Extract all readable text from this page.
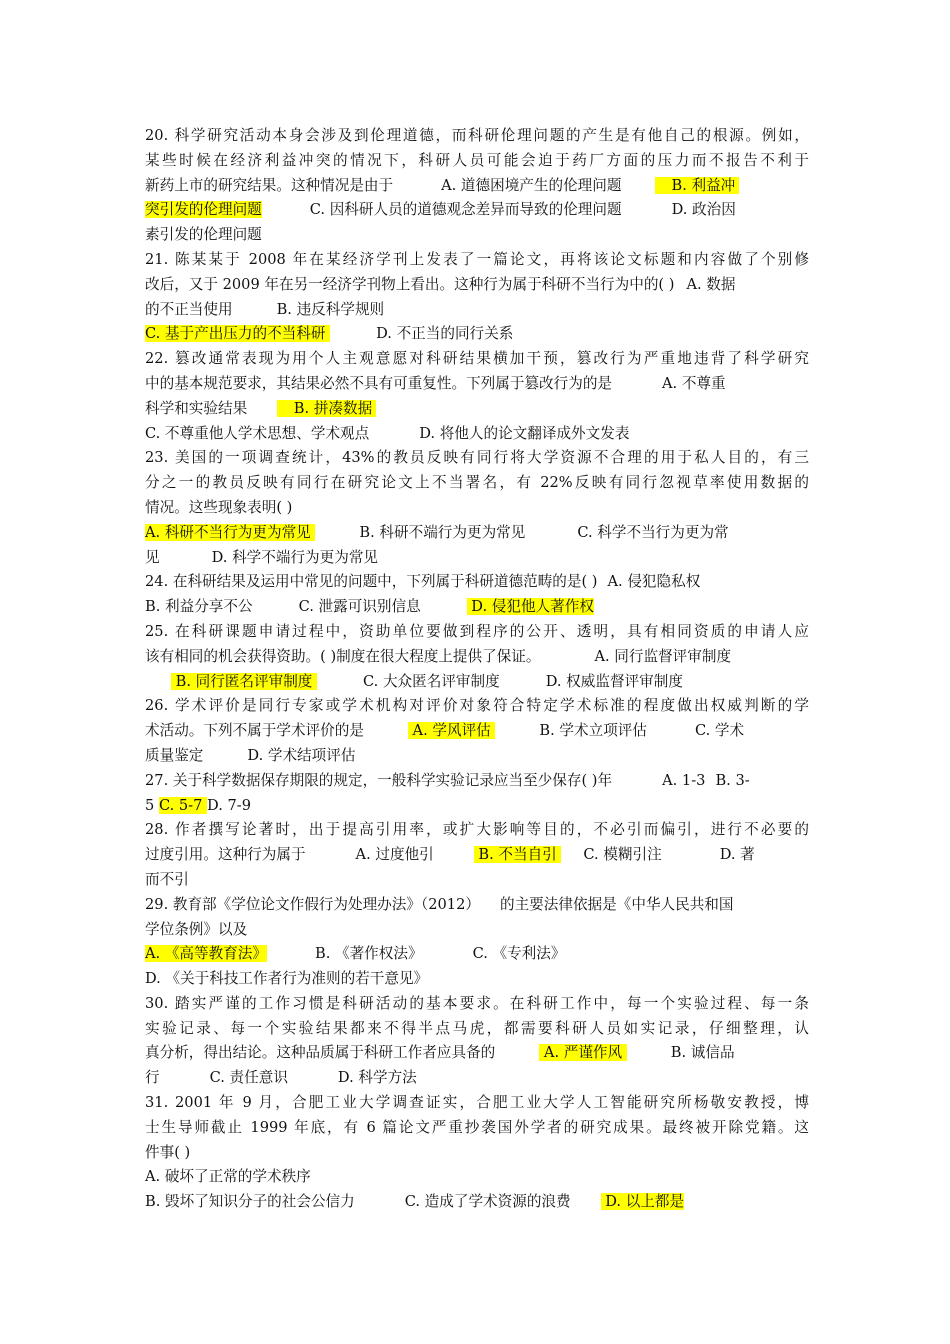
20. 科学研究活动本身会涉及到伦理道德，而科研伦理问题的产生是有他自己的根源。例如，
某些时候在经济利益冲突的情况下，科研人员可能会迫于药厂方面的压力而不报告不利于
新药上市的研究结果。这种情况是由于	A. 道德困境产生的伦理问题	B. 利益冲
突引发的伦理问题	C. 因科研人员的道德观念差异而导致的伦理问题	D. 政治因
素引发的伦理问题
21. 陈某某于 2008 年在某经济学刊上发表了一篇论文，再将该论文标题和内容做了个别修
改后，又于 2009 年在另一经济学刊物上看出。这种行为属于科研不当行为中的( ) A. 数据
的不正当使用	B. 违反科学规则
C. 基于产出压力的不当科研	D. 不正当的同行关系
22. 篡改通常表现为用个人主观意愿对科研结果横加干预，篡改行为严重地违背了科学研究
中的基本规范要求，其结果必然不具有可重复性。下列属于篡改行为的是	A. 不尊重
科学和实验结果	B. 拼凑数据
C. 不尊重他人学术思想、学术观点	D. 将他人的论文翻译成外文发表
23. 美国的一项调查统计，43%的教员反映有同行将大学资源不合理的用于私人目的，有三
分之一的教员反映有同行在研究论文上不当署名，有 22%反映有同行忽视草率使用数据的
情况。这些现象表明( )
A. 科研不当行为更为常见	B. 科研不端行为更为常见	C. 科学不当行为更为常
见	D. 科学不端行为更为常见
24. 在科研结果及运用中常见的问题中，下列属于科研道德范畴的是( ) A. 侵犯隐私权
B. 利益分享不公	C. 泄露可识别信息	D. 侵犯他人著作权
25. 在科研课题申请过程中，资助单位要做到程序的公开、透明，具有相同资质的申请人应
该有相同的机会获得资助。( )制度在很大程度上提供了保证。	A. 同行监督评审制度
B. 同行匿名评审制度	C. 大众匿名评审制度	D. 权威监督评审制度
26. 学术评价是同行专家或学术机构对评价对象符合特定学术标准的程度做出权威判断的学
术活动。下列不属于学术评价的是	A. 学风评估	B. 学术立项评估	C. 学术
质量鉴定	D. 学术结项评估
27. 关于科学数据保存期限的规定，一般科学实验记录应当至少保存( )年	A. 1-3 B. 3-
5 C. 5-7 D. 7-9
28. 作者撰写论著时，出于提高引用率，或扩大影响等目的，不必引而偏引，进行不必要的
过度引用。这种行为属于	A. 过度他引	B. 不当自引 C. 模糊引注	D. 著
而不引
29. 教育部《学位论文作假行为处理办法》（2012） 的主要法律依据是《中华人民共和国
学位条例》以及
A. 《高等教育法》	B. 《著作权法》	C. 《专利法》
D. 《关于科技工作者行为准则的若干意见》
30. 踏实严谨的工作习惯是科研活动的基本要求。在科研工作中，每一个实验过程、每一条
实验记录、每一个实验结果都来不得半点马虎，都需要科研人员如实记录，仔细整理，认
真分析，得出结论。这种品质属于科研工作者应具备的	A. 严谨作风	B. 诚信品
行	C. 责任意识	D. 科学方法
31. 2001 年 9 月，合肥工业大学调查证实，合肥工业大学人工智能研究所杨敬安教授，博
士生导师截止 1999 年底，有 6 篇论文严重抄袭国外学者的研究成果。最终被开除党籍。这
件事( )
A. 破坏了正常的学术秩序
B. 毁坏了知识分子的社会公信力	C. 造成了学术资源的浪费 D. 以上都是
